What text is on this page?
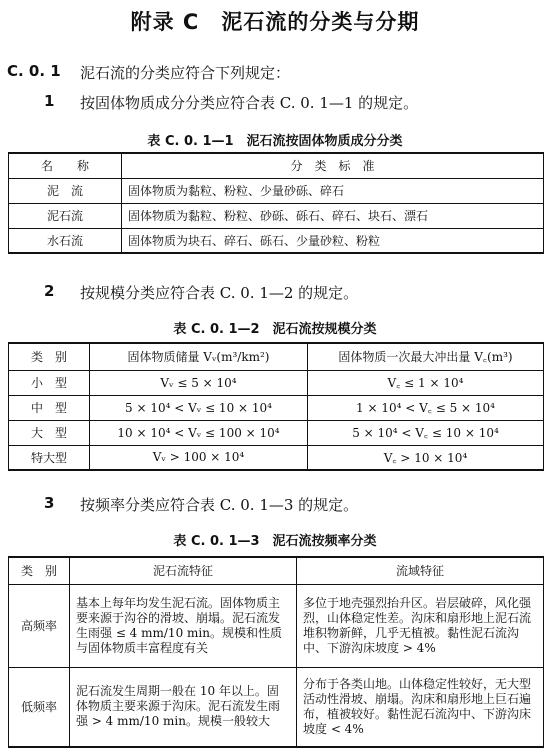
附录 C　泥石流的分类与分期
C. 0. 1 泥石流的分类应符合下列规定：
1 按固体物质成分分类应符合表 C. 0. 1—1 的规定。
表 C. 0. 1—1　泥石流按固体物质成分分类
名　　称	分　类　标　准
泥　流	固体物质为黏粒、粉粒、少量砂砾、碎石
泥石流	固体物质为黏粒、粉粒、砂砾、砾石、碎石、块石、漂石
水石流	固体物质为块石、碎石、砾石、少量砂粒、粉粒
2 按规模分类应符合表 C. 0. 1—2 的规定。
表 C. 0. 1—2　泥石流按规模分类
类　别	固体物质储量 Vᵥ(m³/km²)	固体物质一次最大冲出量 V꜀(m³)
小　型	Vᵥ ≤ 5 × 10⁴	V꜀ ≤ 1 × 10⁴
中　型	5 × 10⁴ < Vᵥ ≤ 10 × 10⁴	1 × 10⁴ < V꜀ ≤ 5 × 10⁴
大　型	10 × 10⁴ < Vᵥ ≤ 100 × 10⁴	5 × 10⁴ < V꜀ ≤ 10 × 10⁴
特大型	Vᵥ > 100 × 10⁴	V꜀ > 10 × 10⁴
3 按频率分类应符合表 C. 0. 1—3 的规定。
表 C. 0. 1—3　泥石流按频率分类
类　别	泥石流特征	流域特征
高频率	基本上每年均发生泥石流。固体物质主要来源于沟谷的滑坡、崩塌。泥石流发生雨强 ≤ 4 mm/10 min。规模和性质与固体物质丰富程度有关	多位于地壳强烈抬升区。岩层破碎，风化强烈，山体稳定性差。沟床和扇形地上泥石流堆积物新鲜，几乎无植被。黏性泥石流沟中、下游沟床坡度 > 4%
低频率	泥石流发生周期一般在 10 年以上。固体物质主要来源于沟床。泥石流发生雨强 > 4 mm/10 min。规模一般较大	分布于各类山地。山体稳定性较好，无大型活动性滑坡、崩塌。沟床和扇形地上巨石遍布，植被较好。黏性泥石流沟中、下游沟床坡度 < 4%
